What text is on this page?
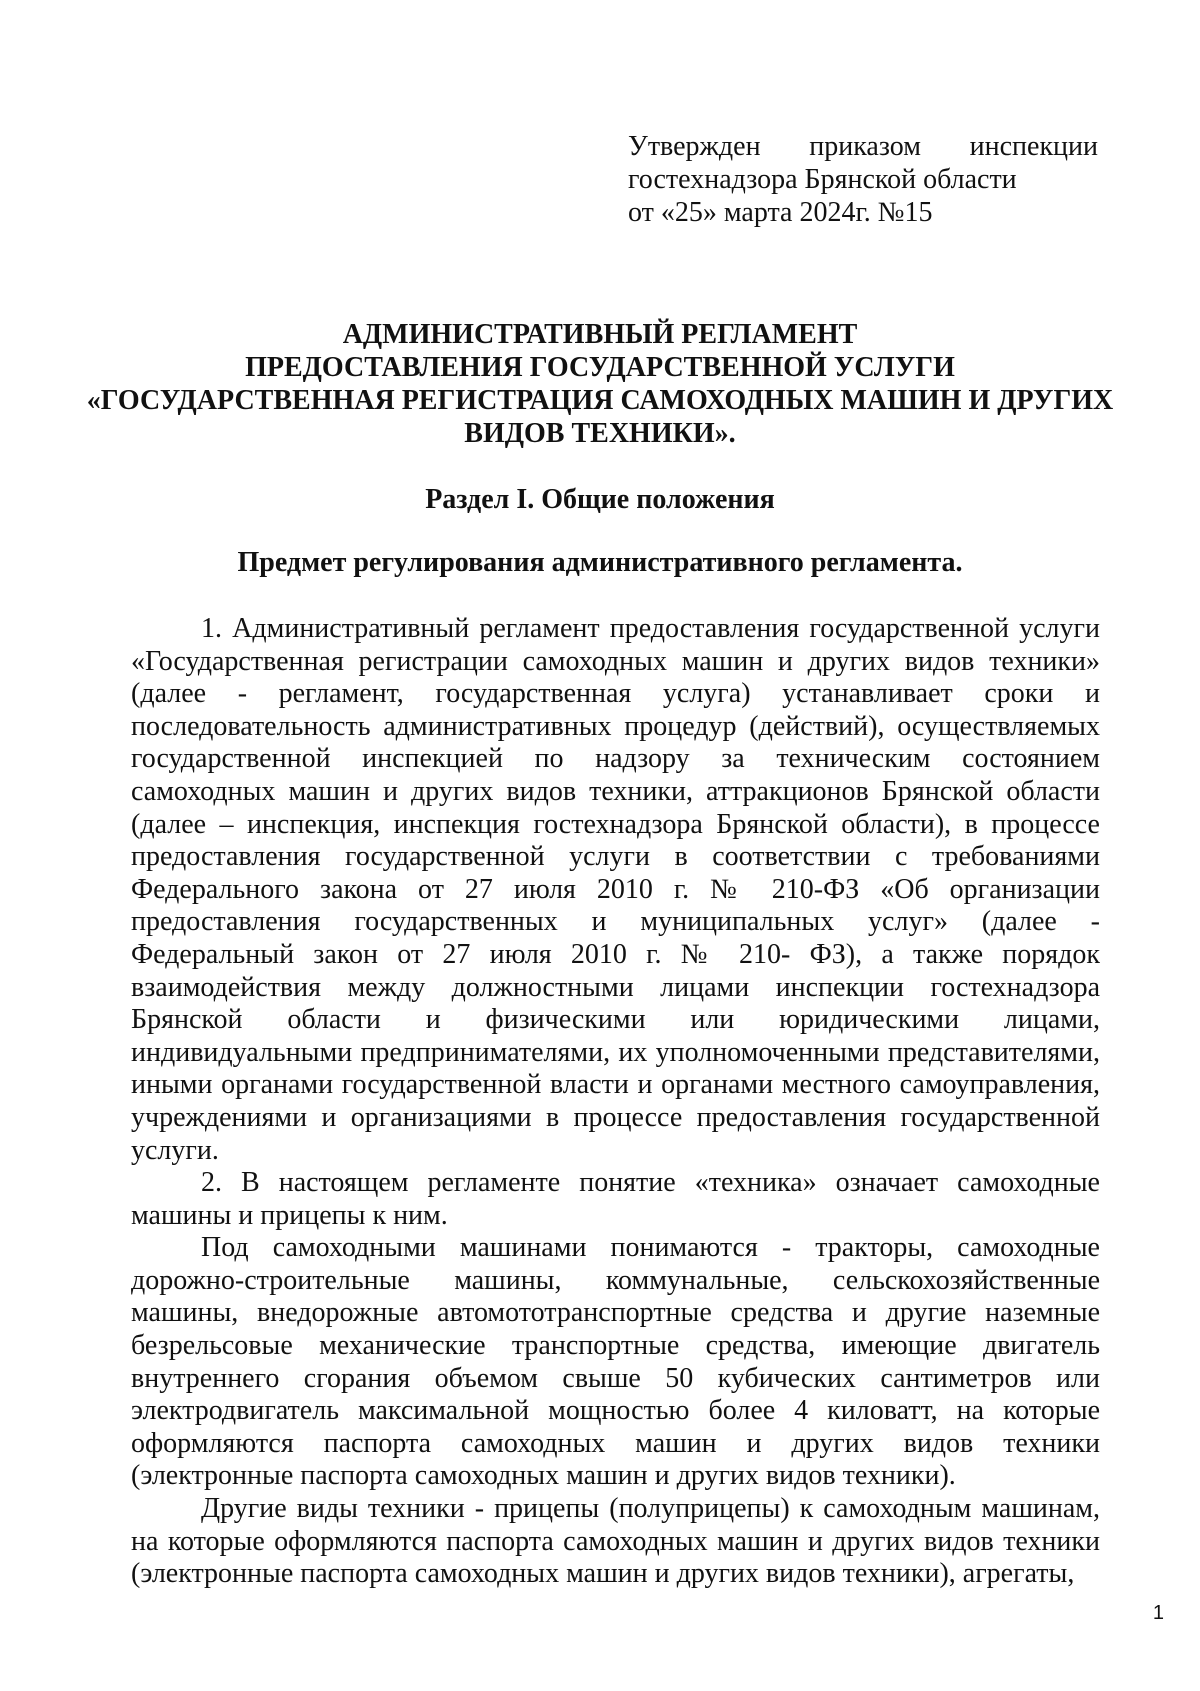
Утвержден приказом инспекции
гостехнадзора Брянской области
от «25» марта 2024г. №15
АДМИНИСТРАТИВНЫЙ РЕГЛАМЕНТ
ПРЕДОСТАВЛЕНИЯ ГОСУДАРСТВЕННОЙ УСЛУГИ
«ГОСУДАРСТВЕННАЯ РЕГИСТРАЦИЯ САМОХОДНЫХ МАШИН И ДРУГИХ
ВИДОВ ТЕХНИКИ».
Раздел I. Общие положения
Предмет регулирования административного регламента.

1. Административный регламент предоставления государственной услуги «Государственная регистрации самоходных машин и других видов техники» (далее - регламент, государственная услуга) устанавливает сроки и последовательность административных процедур (действий), осуществляемых государственной инспекцией по надзору за техническим состоянием самоходных машин и других видов техники, аттракционов Брянской области (далее – инспекция, инспекция гостехнадзора Брянской области), в процессе предоставления государственной услуги в соответствии с требованиями Федерального закона от 27 июля 2010 г. № 210-ФЗ «Об организации предоставления государственных и муниципальных услуг» (далее - Федеральный закон от 27 июля 2010 г. № 210- ФЗ), а также порядок взаимодействия между должностными лицами инспекции гостехнадзора Брянской области и физическими или юридическими лицами, индивидуальными предпринимателями, их уполномоченными представителями, иными органами государственной власти и органами местного самоуправления, учреждениями и организациями в процессе предоставления государственной услуги.

2. В настоящем регламенте понятие «техника» означает самоходные машины и прицепы к ним.

Под самоходными машинами понимаются - тракторы, самоходные дорожно-строительные машины, коммунальные, сельскохозяйственные машины, внедорожные автомототранспортные средства и другие наземные безрельсовые механические транспортные средства, имеющие двигатель внутреннего сгорания объемом свыше 50 кубических сантиметров или электродвигатель максимальной мощностью более 4 киловатт, на которые оформляются паспорта самоходных машин и других видов техники (электронные паспорта самоходных машин и других видов техники).

Другие виды техники - прицепы (полуприцепы) к самоходным машинам, на которые оформляются паспорта самоходных машин и других видов техники (электронные паспорта самоходных машин и других видов техники), агрегаты,

1
